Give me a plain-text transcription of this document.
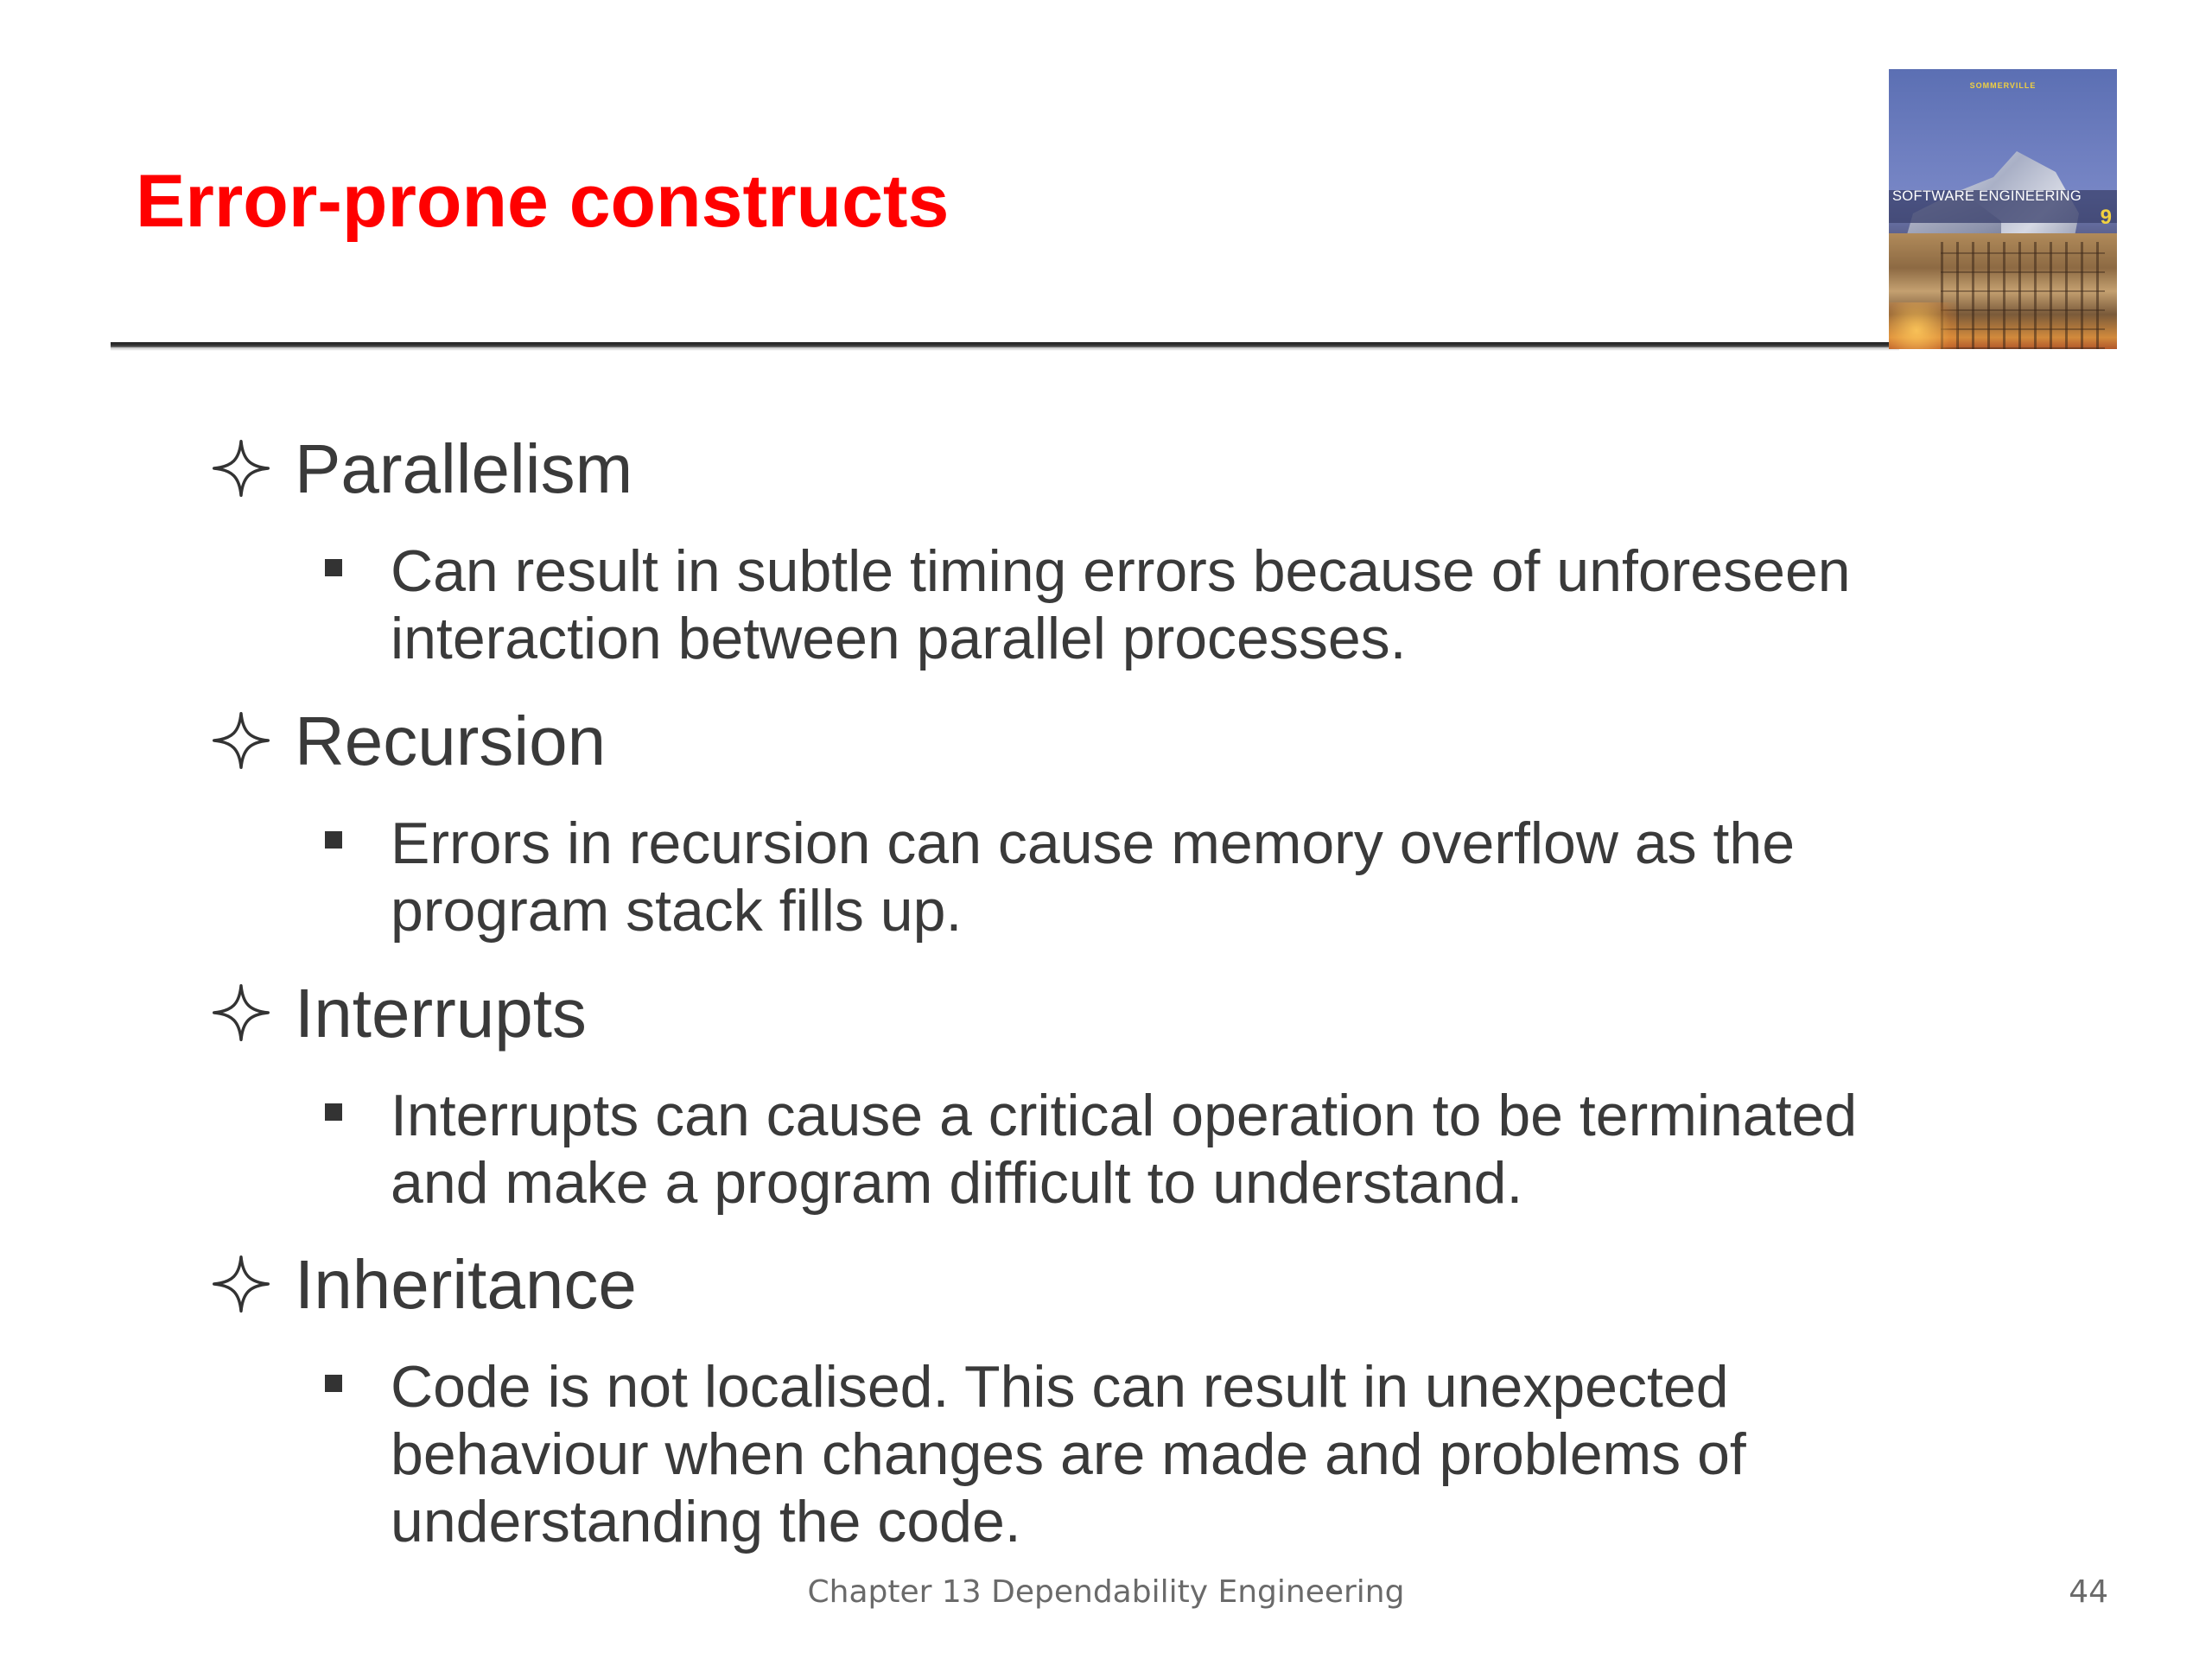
Error-prone constructs
SOMMERVILLE
SOFTWARE ENGINEERING
9
Parallelism
Can result in subtle timing errors because of unforeseen
interaction between parallel processes.
Recursion
Errors in recursion can cause memory overflow as the
program stack fills up.
Interrupts
Interrupts can cause a critical operation to be terminated
and make a program difficult to understand.
Inheritance
Code is not localised. This can result in unexpected
behaviour when changes are made and problems of
understanding the code.
Chapter 13 Dependability Engineering	44
